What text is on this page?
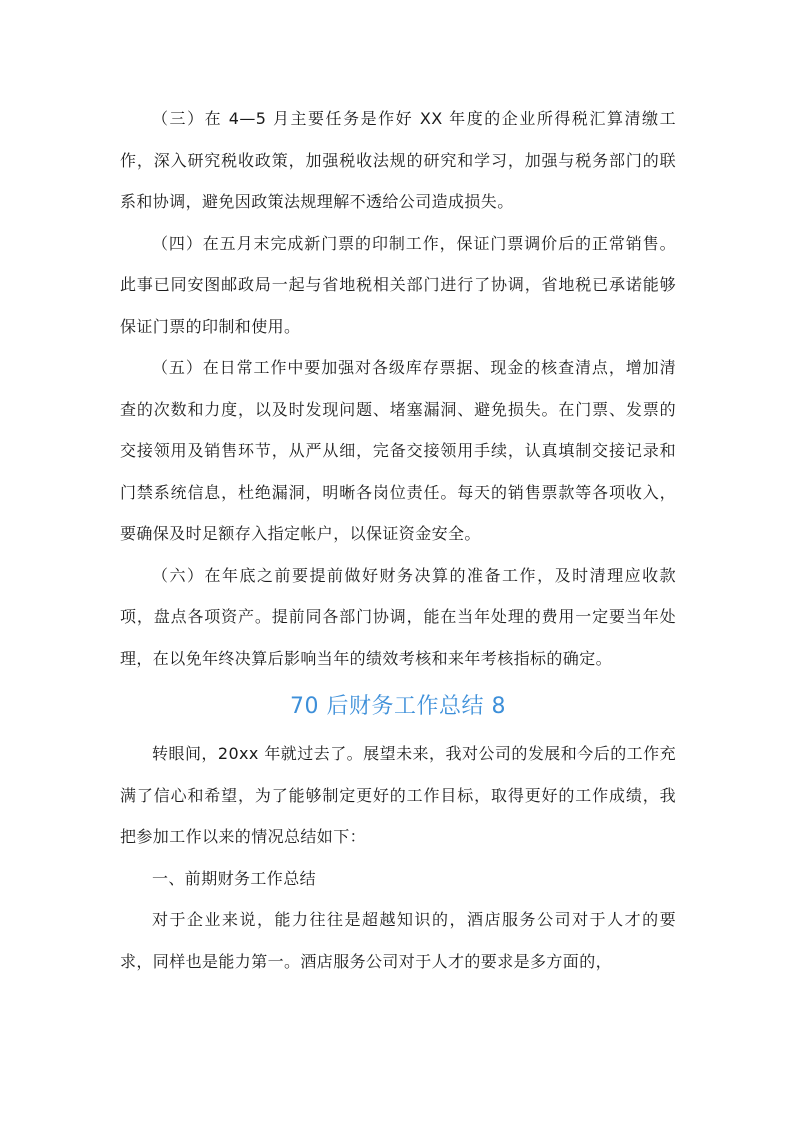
（三）在 4—5 月主要任务是作好 XX 年度的企业所得税汇算清缴工作，深入研究税收政策，加强税收法规的研究和学习，加强与税务部门的联系和协调，避免因政策法规理解不透给公司造成损失。

（四）在五月末完成新门票的印制工作，保证门票调价后的正常销售。此事已同安图邮政局一起与省地税相关部门进行了协调，省地税已承诺能够保证门票的印制和使用。

（五）在日常工作中要加强对各级库存票据、现金的核查清点，增加清查的次数和力度，以及时发现问题、堵塞漏洞、避免损失。在门票、发票的交接领用及销售环节，从严从细，完备交接领用手续，认真填制交接记录和门禁系统信息，杜绝漏洞，明晰各岗位责任。每天的销售票款等各项收入，要确保及时足额存入指定帐户，以保证资金安全。

（六）在年底之前要提前做好财务决算的准备工作，及时清理应收款项，盘点各项资产。提前同各部门协调，能在当年处理的费用一定要当年处理，在以免年终决算后影响当年的绩效考核和来年考核指标的确定。

70 后财务工作总结 8

转眼间，20xx 年就过去了。展望未来，我对公司的发展和今后的工作充满了信心和希望，为了能够制定更好的工作目标，取得更好的工作成绩，我把参加工作以来的情况总结如下：

一、前期财务工作总结

对于企业来说，能力往往是超越知识的，酒店服务公司对于人才的要求，同样也是能力第一。酒店服务公司对于人才的要求是多方面的，
